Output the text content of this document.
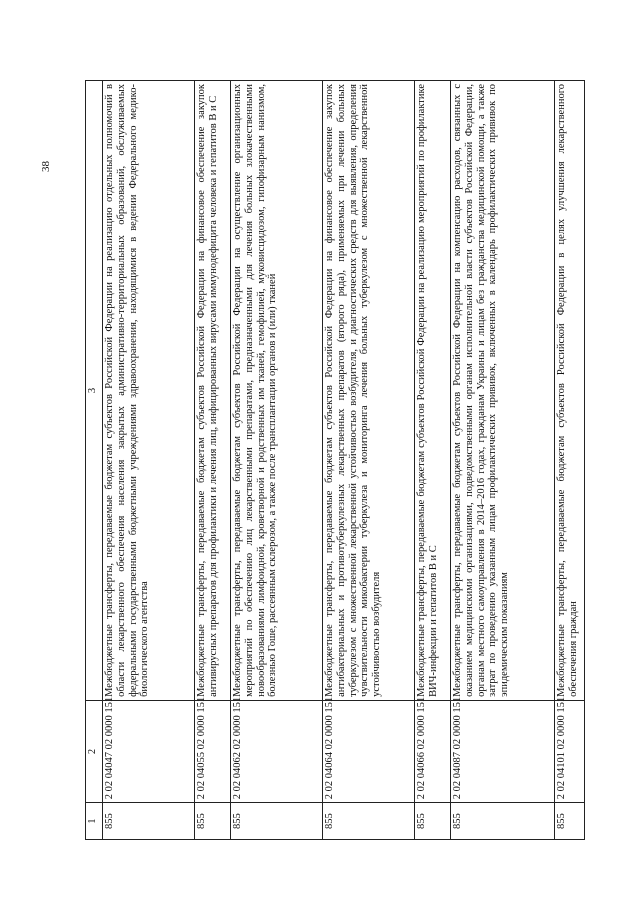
38
1	2	3
855	2 02 04047 02 0000 151	Межбюджетные трансферты, передаваемые бюджетам субъектов Российской Федерации на реализацию отдельных полномочий в области лекарственного обеспечения населения закрытых административно-территориальных образований, обслуживаемых федеральными государственными бюджетными учреждениями здравоохранения, находящимися в ведении Федерального медико-биологического агентства
855	2 02 04055 02 0000 151	Межбюджетные трансферты, передаваемые бюджетам субъектов Российской Федерации на финансовое обеспечение закупок антивирусных препаратов для профилактики и лечения лиц, инфицированных вирусами иммунодефицита человека и гепатитов В и С
855	2 02 04062 02 0000 151	Межбюджетные трансферты, передаваемые бюджетам субъектов Российской Федерации на осуществление организационных мероприятий по обеспечению лиц лекарственными препаратами, предназначенными для лечения больных злокачественными новообразованиями лимфоидной, кроветворной и родственных им тканей, гемофилией, муковисцидозом, гипофизарным нанизмом, болезнью Гоше, рассеянным склерозом, а также после трансплантации органов и (или) тканей
855	2 02 04064 02 0000 151	Межбюджетные трансферты, передаваемые бюджетам субъектов Российской Федерации на финансовое обеспечение закупок антибактериальных и противотуберкулезных лекарственных препаратов (второго ряда), применяемых при лечении больных туберкулезом с множественной лекарственной устойчивостью возбудителя, и диагностических средств для выявления, определения чувствительности микобактерии туберкулеза и мониторинга лечения больных туберкулезом с множественной лекарственной устойчивостью возбудителя
855	2 02 04066 02 0000 151	Межбюджетные трансферты, передаваемые бюджетам субъектов Российской Федерации на реализацию мероприятий по профилактике ВИЧ-инфекции и гепатитов В и С
855	2 02 04087 02 0000 151	Межбюджетные трансферты, передаваемые бюджетам субъектов Российской Федерации на компенсацию расходов, связанных с оказанием медицинскими организациями, подведомственными органам исполнительной власти субъектов Российской Федерации, органам местного самоуправления в 2014–2016 годах, гражданам Украины и лицам без гражданства медицинской помощи, а также затрат по проведению указанным лицам профилактических прививок, включенных в календарь профилактических прививок по эпидемическим показаниям
855	2 02 04101 02 0000 151	Межбюджетные трансферты, передаваемые бюджетам субъектов Российской Федерации в целях улучшения лекарственного обеспечения граждан
